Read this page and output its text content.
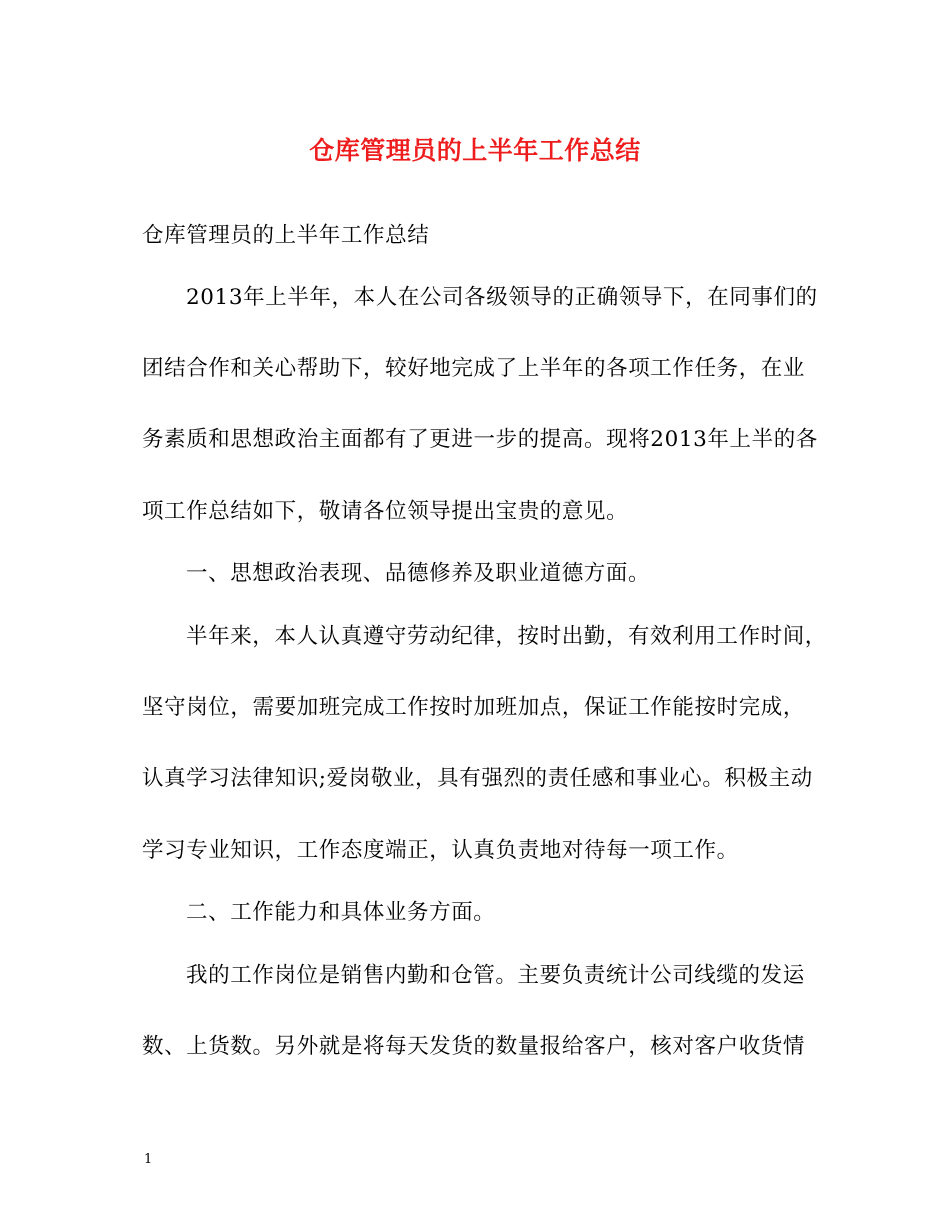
仓库管理员的上半年工作总结
仓库管理员的上半年工作总结
2013年上半年，本人在公司各级领导的正确领导下，在同事们的
团结合作和关心帮助下，较好地完成了上半年的各项工作任务，在业
务素质和思想政治主面都有了更进一步的提高。现将2013年上半的各
项工作总结如下，敬请各位领导提出宝贵的意见。
一、思想政治表现、品德修养及职业道德方面。
半年来，本人认真遵守劳动纪律，按时出勤，有效利用工作时间，
坚守岗位，需要加班完成工作按时加班加点，保证工作能按时完成，
认真学习法律知识;爱岗敬业，具有强烈的责任感和事业心。积极主动
学习专业知识，工作态度端正，认真负责地对待每一项工作。
二、工作能力和具体业务方面。
我的工作岗位是销售内勤和仓管。主要负责统计公司线缆的发运
数、上货数。另外就是将每天发货的数量报给客户，核对客户收货情
1
